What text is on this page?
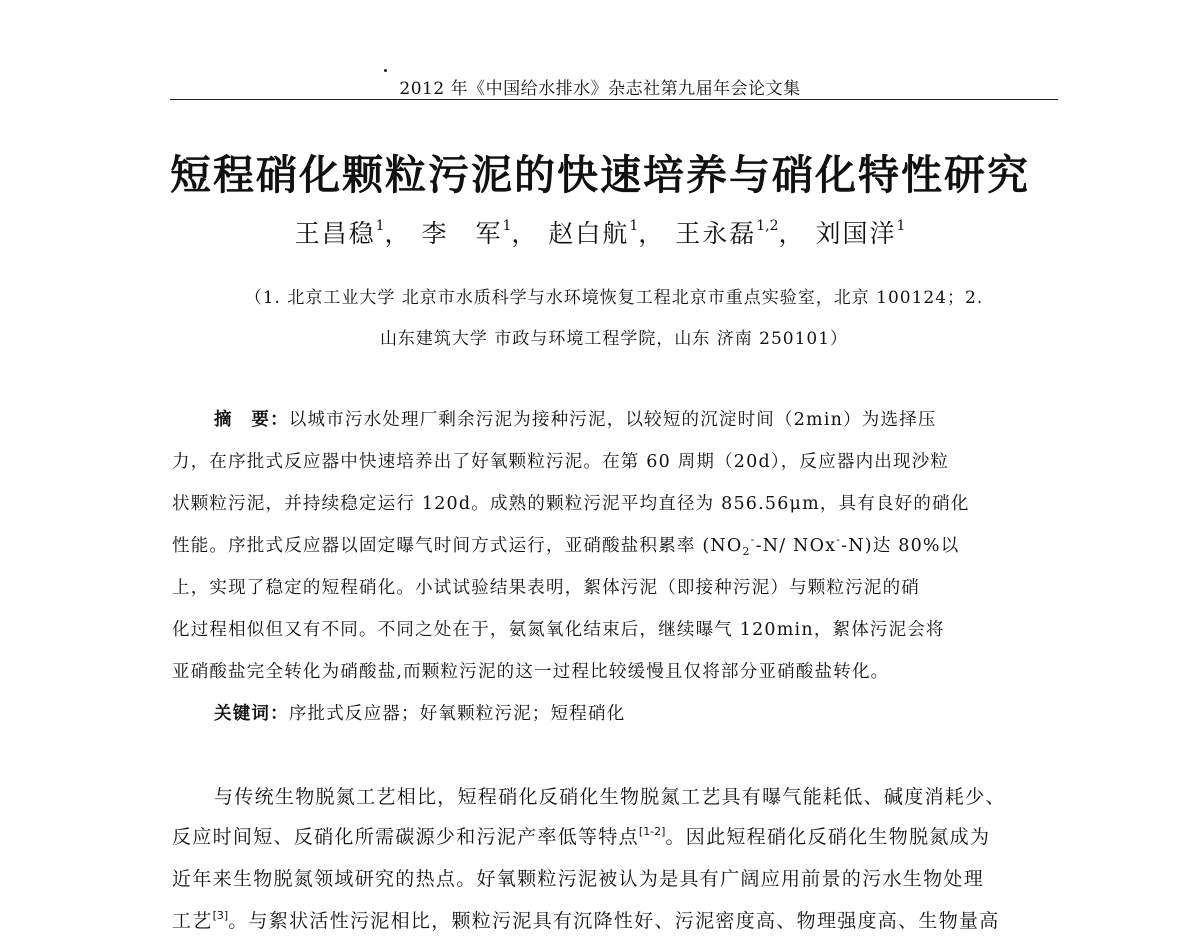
2012 年《中国给水排水》杂志社第九届年会论文集
短程硝化颗粒污泥的快速培养与硝化特性研究
王昌稳$^1$， 李　军$^1$， 赵白航$^1$， 王永磊$^{1,2}$， 刘国洋$^1$
（1. 北京工业大学 北京市水质科学与水环境恢复工程北京市重点实验室，北京 100124；2.
山东建筑大学 市政与环境工程学院，山东 济南 250101）
摘　要：以城市污水处理厂剩余污泥为接种污泥，以较短的沉淀时间（2min）为选择压
力，在序批式反应器中快速培养出了好氧颗粒污泥。在第 60 周期（20d），反应器内出现沙粒
状颗粒污泥，并持续稳定运行 120d。成熟的颗粒污泥平均直径为 856.56μm，具有良好的硝化
性能。序批式反应器以固定曝气时间方式运行，亚硝酸盐积累率 ($NO_2^--N/$ NOx--N)达 80%以
上，实现了稳定的短程硝化。小试试验结果表明，絮体污泥（即接种污泥）与颗粒污泥的硝
化过程相似但又有不同。不同之处在于，氨氮氧化结束后，继续曝气 120min，絮体污泥会将
亚硝酸盐完全转化为硝酸盐,而颗粒污泥的这一过程比较缓慢且仅将部分亚硝酸盐转化。
关键词：序批式反应器；好氧颗粒污泥；短程硝化
与传统生物脱氮工艺相比，短程硝化反硝化生物脱氮工艺具有曝气能耗低、碱度消耗少、
反应时间短、反硝化所需碳源少和污泥产率低等特点[1-2]。因此短程硝化反硝化生物脱氮成为
近年来生物脱氮领域研究的热点。好氧颗粒污泥被认为是具有广阔应用前景的污水生物处理
工艺[3]。与絮状活性污泥相比，颗粒污泥具有沉降性好、污泥密度高、物理强度高、生物量高
